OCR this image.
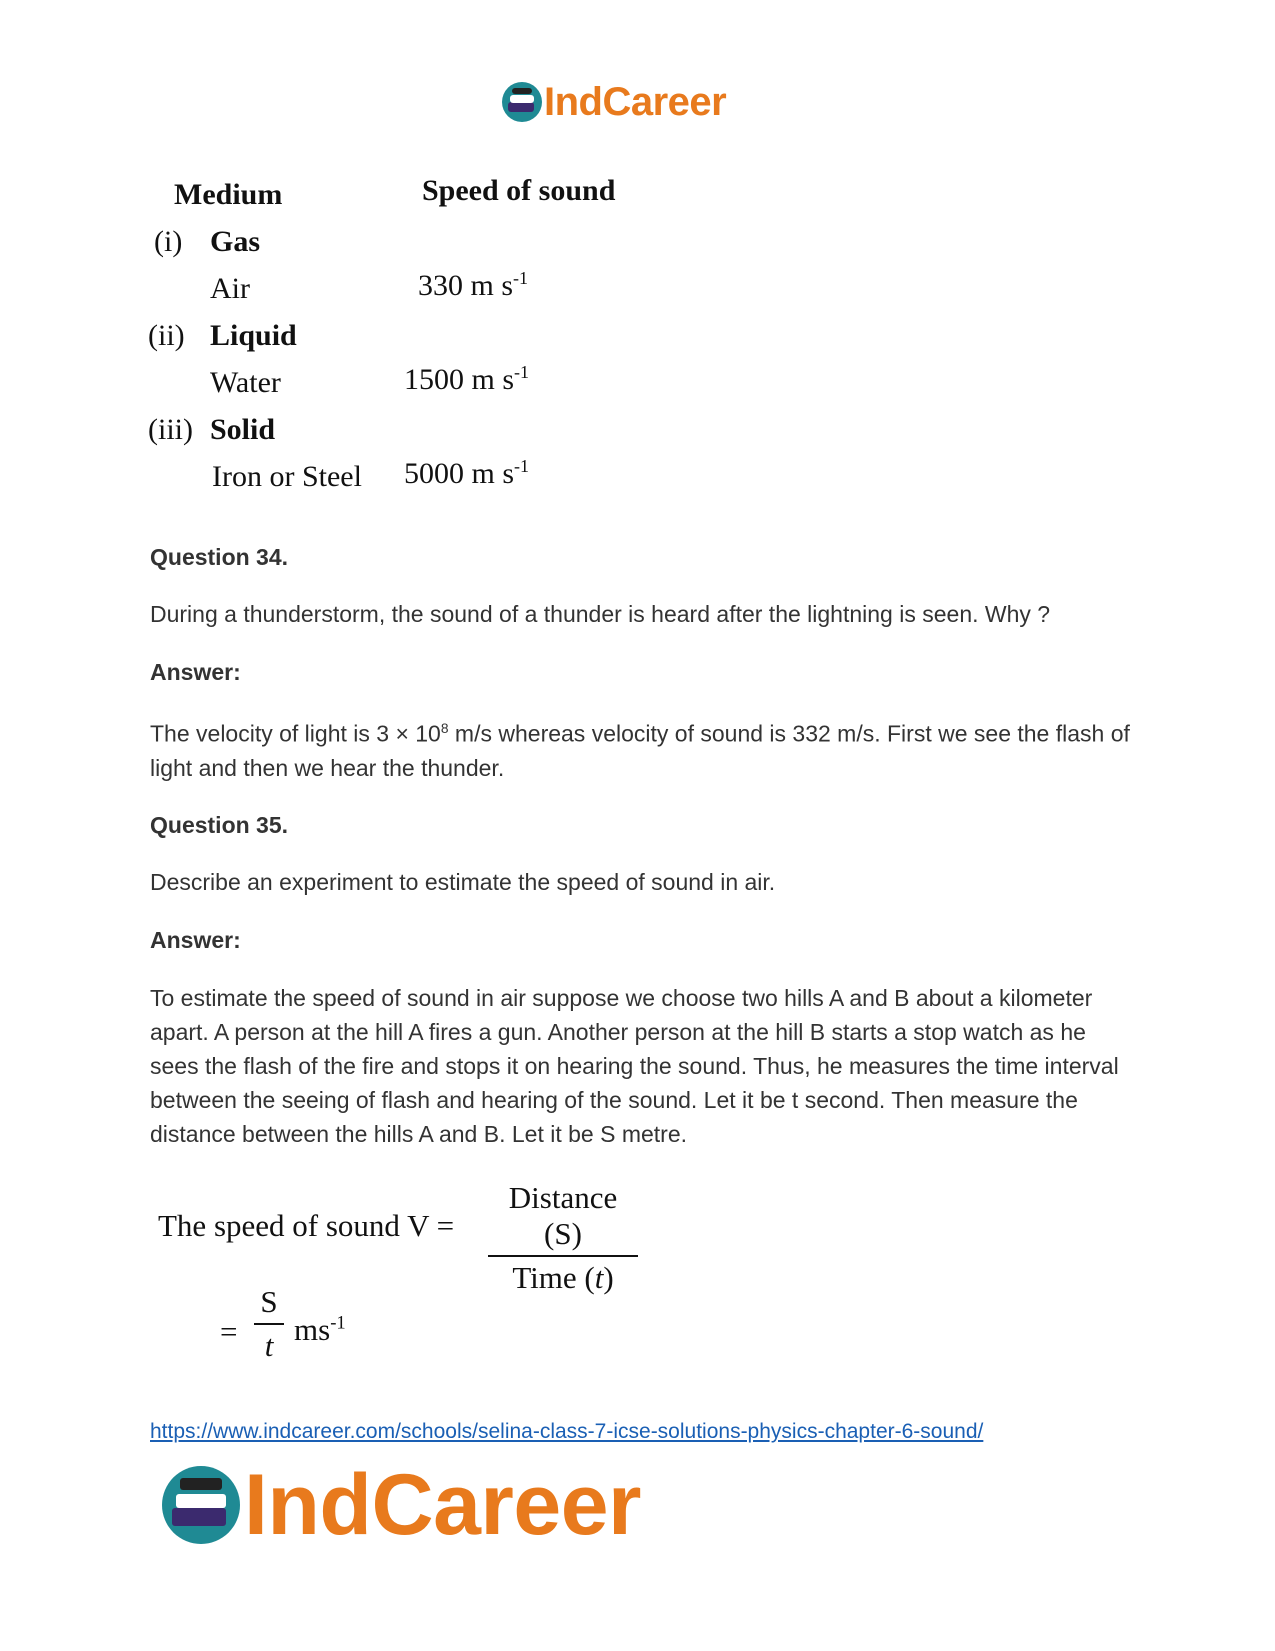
IndCareer
Medium	Speed of sound
(i) Gas
Air	330 m $s^{-1}$
(ii) Liquid
Water	1500 m $s^{-1}$
(iii) Solid
Iron or Steel 5000 m $s^{-1}$
Question 34.
During a thunderstorm, the sound of a thunder is heard after the lightning is seen. Why ?
Answer:
The velocity of light is $3 \times 10^8$ m/s whereas velocity of sound is 332 m/s. First we see the flash of light and then we hear the thunder.
Question 35.
Describe an experiment to estimate the speed of sound in air.
Answer:
To estimate the speed of sound in air suppose we choose two hills A and B about a kilometer apart. A person at the hill A fires a gun. Another person at the hill B starts a stop watch as he sees the flash of the fire and stops it on hearing the sound. Thus, he measures the time interval between the seeing of flash and hearing of the sound. Let it be t second. Then measure the distance between the hills A and B. Let it be S metre.
The speed of sound V =
Distance (S)
Time (t)
=
S
t $ms^{-1}$
https://www.indcareer.com/schools/selina-class-7-icse-solutions-physics-chapter-6-sound/
IndCareer
